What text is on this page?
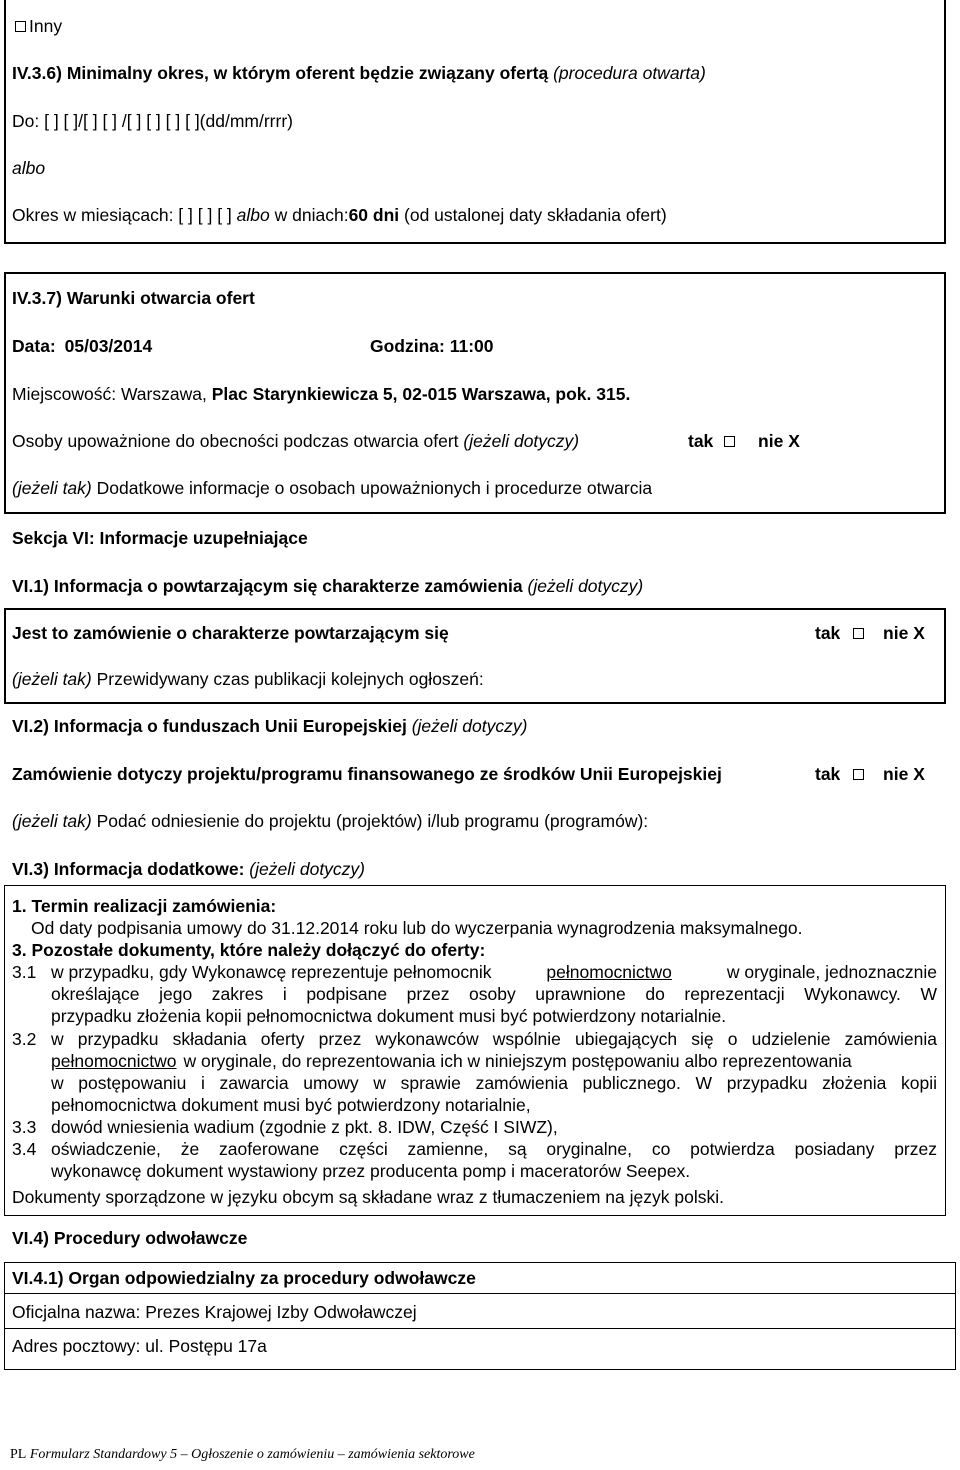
Inny
IV.3.6) Minimalny okres, w którym oferent będzie związany ofertą (procedura otwarta)
Do: [ ] [ ]/[ ] [ ] /[ ] [ ] [ ] [ ](dd/mm/rrrr)
albo
Okres w miesiącach: [ ] [ ] [ ] albo w dniach:60 dni (od ustalonej daty składania ofert)
IV.3.7) Warunki otwarcia ofert
Data: 05/03/2014	Godzina: 11:00
Miejscowość: Warszawa, Plac Starynkiewicza 5, 02-015 Warszawa, pok. 315.
Osoby upoważnione do obecności podczas otwarcia ofert (jeżeli dotyczy)	tak	nie X
(jeżeli tak) Dodatkowe informacje o osobach upoważnionych i procedurze otwarcia
Sekcja VI: Informacje uzupełniające
VI.1) Informacja o powtarzającym się charakterze zamówienia (jeżeli dotyczy)
Jest to zamówienie o charakterze powtarzającym się	tak nie X
(jeżeli tak) Przewidywany czas publikacji kolejnych ogłoszeń:
VI.2) Informacja o funduszach Unii Europejskiej (jeżeli dotyczy)
Zamówienie dotyczy projektu/programu finansowanego ze środków Unii Europejskiej	tak nie X
(jeżeli tak) Podać odniesienie do projektu (projektów) i/lub programu (programów):
VI.3) Informacja dodatkowe: (jeżeli dotyczy)
1. Termin realizacji zamówienia:
Od daty podpisania umowy do 31.12.2014 roku lub do wyczerpania wynagrodzenia maksymalnego.
3. Pozostałe dokumenty, które należy dołączyć do oferty:
3.1 w przypadku, gdy Wykonawcę reprezentuje pełnomocnik	pełnomocnictwo	w oryginale, jednoznacznie
określające jego zakres i podpisane przez osoby uprawnione do reprezentacji Wykonawcy. W
przypadku złożenia kopii pełnomocnictwa dokument musi być potwierdzony notarialnie.
3.2 w przypadku składania oferty przez wykonawców wspólnie ubiegających się o udzielenie zamówienia
pełnomocnictwo w oryginale, do reprezentowania ich w niniejszym postępowaniu albo reprezentowania
w postępowaniu i zawarcia umowy w sprawie zamówienia publicznego. W przypadku złożenia kopii
pełnomocnictwa dokument musi być potwierdzony notarialnie,
3.3 dowód wniesienia wadium (zgodnie z pkt. 8. IDW, Część I SIWZ),
3.4 oświadczenie, że zaoferowane części zamienne, są oryginalne, co potwierdza posiadany przez
wykonawcę dokument wystawiony przez producenta pomp i maceratorów Seepex.
Dokumenty sporządzone w języku obcym są składane wraz z tłumaczeniem na język polski.
VI.4) Procedury odwoławcze
VI.4.1) Organ odpowiedzialny za procedury odwoławcze
Oficjalna nazwa: Prezes Krajowej Izby Odwoławczej
Adres pocztowy: ul. Postępu 17a
PL Formularz Standardowy 5 – Ogłoszenie o zamówieniu – zamówienia sektorowe
